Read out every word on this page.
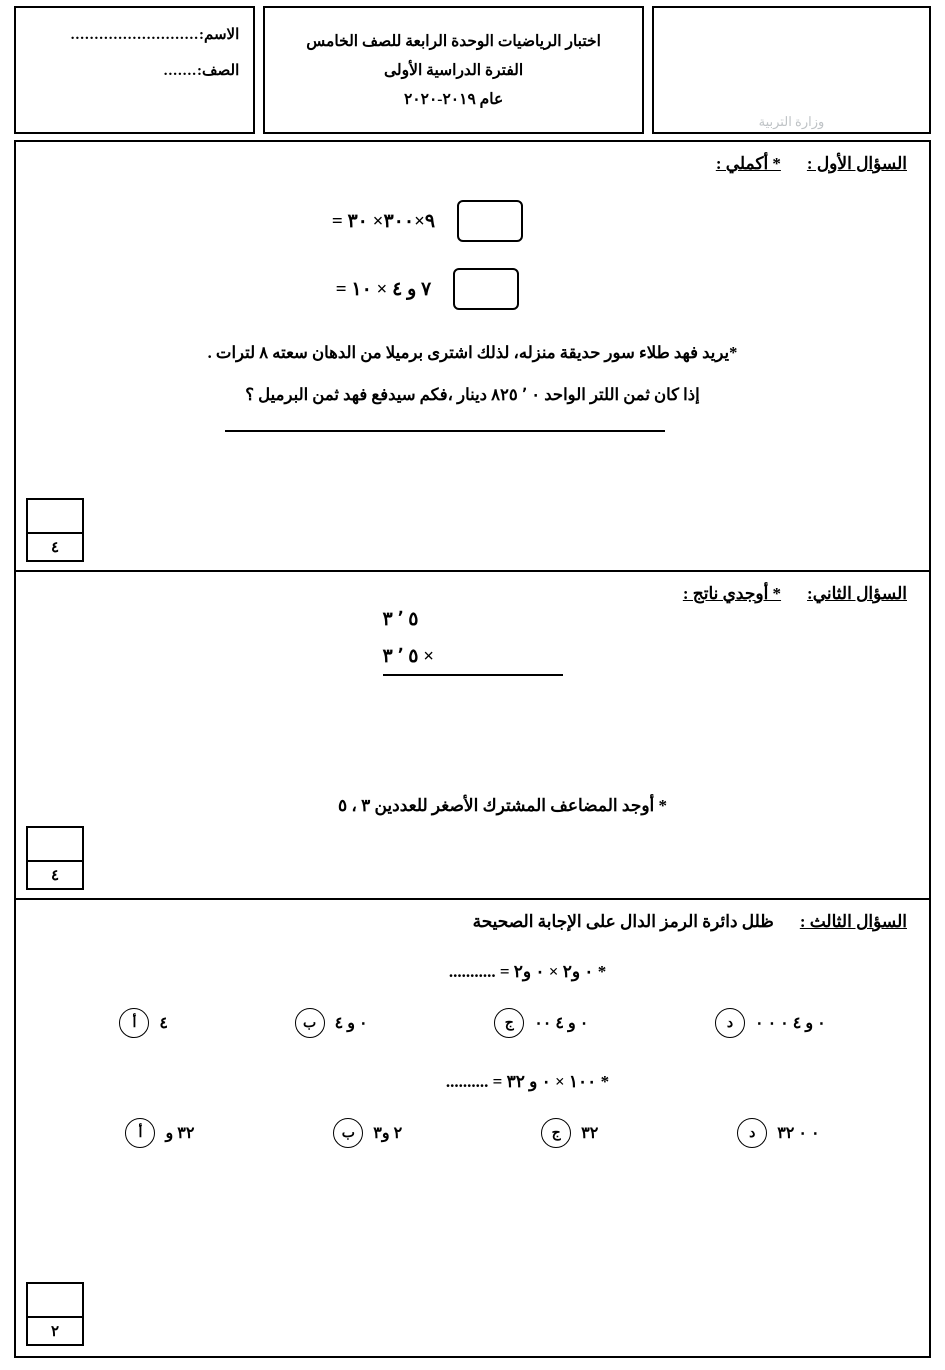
وزارة التربية
اختبار الرياضيات الوحدة الرابعة للصف الخامس
الفترة الدراسية الأولى
عام ٢٠١٩-٢٠٢٠
الاسم:
...........................
الصف:
.......
السؤال الأول :
* أكملي :
٩×٣٠٠× ٣٠ =
٧ و ٤ × ١٠ =
*يريد فهد طلاء سور حديقة منزله، لذلك اشترى برميلا من الدهان سعته ٨ لترات .
إذا كان ثمن اللتر الواحد ٠ ٬ ٨٢٥ دينار ،فكم سيدفع فهد ثمن البرميل ؟
٤
السؤال الثاني:
* أوجدي ناتج :
٥ ٬ ٣
× ٥ ٬ ٣
* أوجد المضاعف المشترك الأصغر للعددين ٣ ، ٥
٤
السؤال الثالث :
ظلل دائرة الرمز الدال على الإجابة الصحيحة
* ٠ و٢ × ٠ و٢ = ...........
٠ و ٤ ٠ ٠ ٠
د
٠ و ٤ ٠٠
ج
٠ و ٤
ب
٤
أ
* ١٠٠ × ٠ و ٣٢ = ..........
٠ ٠ ٣٢
د
٣٢
ج
٢ و٣
ب
٣٢ و
أ
٢
